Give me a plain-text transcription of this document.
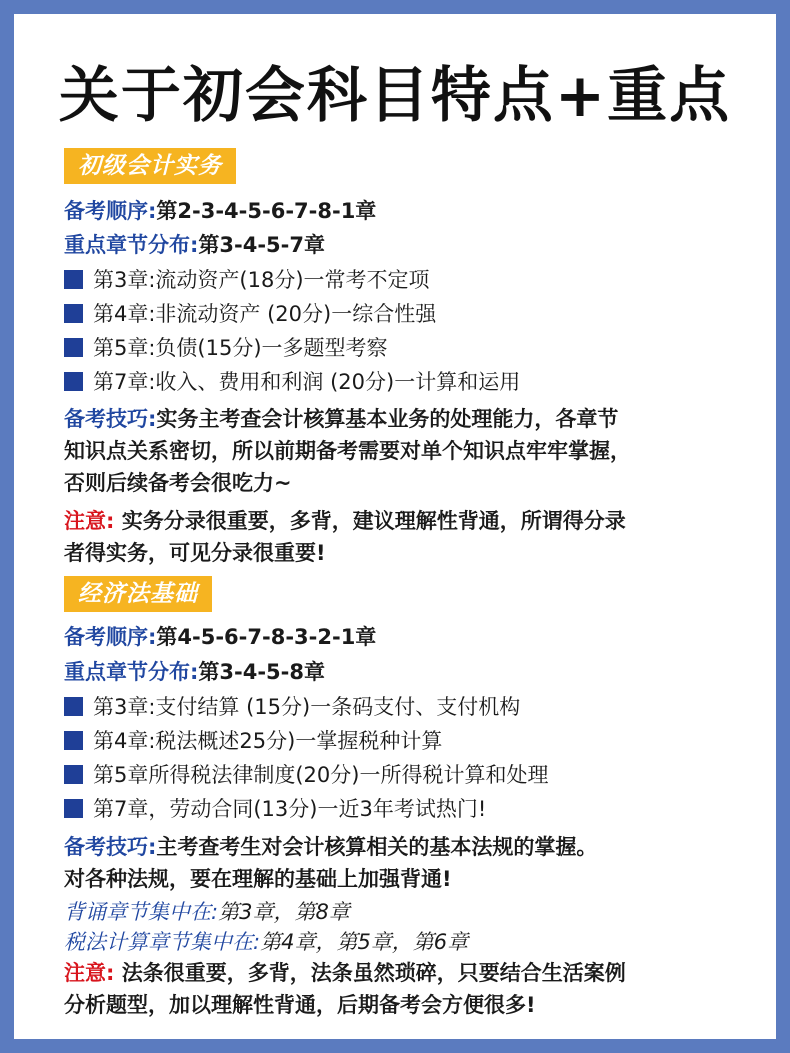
关于初会科目特点+重点
初级会计实务
备考顺序:第2-3-4-5-6-7-8-1章
重点章节分布:第3-4-5-7章
第3章:流动资产(18分)一常考不定项
第4章:非流动资产 (20分)一综合性强
第5章:负债(15分)一多题型考察
第7章:收入、费用和利润 (20分)一计算和运用
备考技巧:实务主考查会计核算基本业务的处理能力，各章节
知识点关系密切，所以前期备考需要对单个知识点牢牢掌握，
否则后续备考会很吃力~
注意: 实务分录很重要，多背，建议理解性背通，所谓得分录
者得实务，可见分录很重要!
经济法基础
备考顺序:第4-5-6-7-8-3-2-1章
重点章节分布:第3-4-5-8章
第3章:支付结算 (15分)一条码支付、支付机构
第4章:税法概述25分)一掌握税种计算
第5章所得税法律制度(20分)一所得税计算和处理
第7章，劳动合同(13分)一近3年考试热门!
备考技巧:主考查考生对会计核算相关的基本法规的掌握。
对各种法规，要在理解的基础上加强背通!
背诵章节集中在:第3章，第8章
税法计算章节集中在:第4章，第5章，第6章
注意: 法条很重要，多背，法条虽然琐碎，只要结合生活案例
分析题型，加以理解性背通，后期备考会方便很多!
